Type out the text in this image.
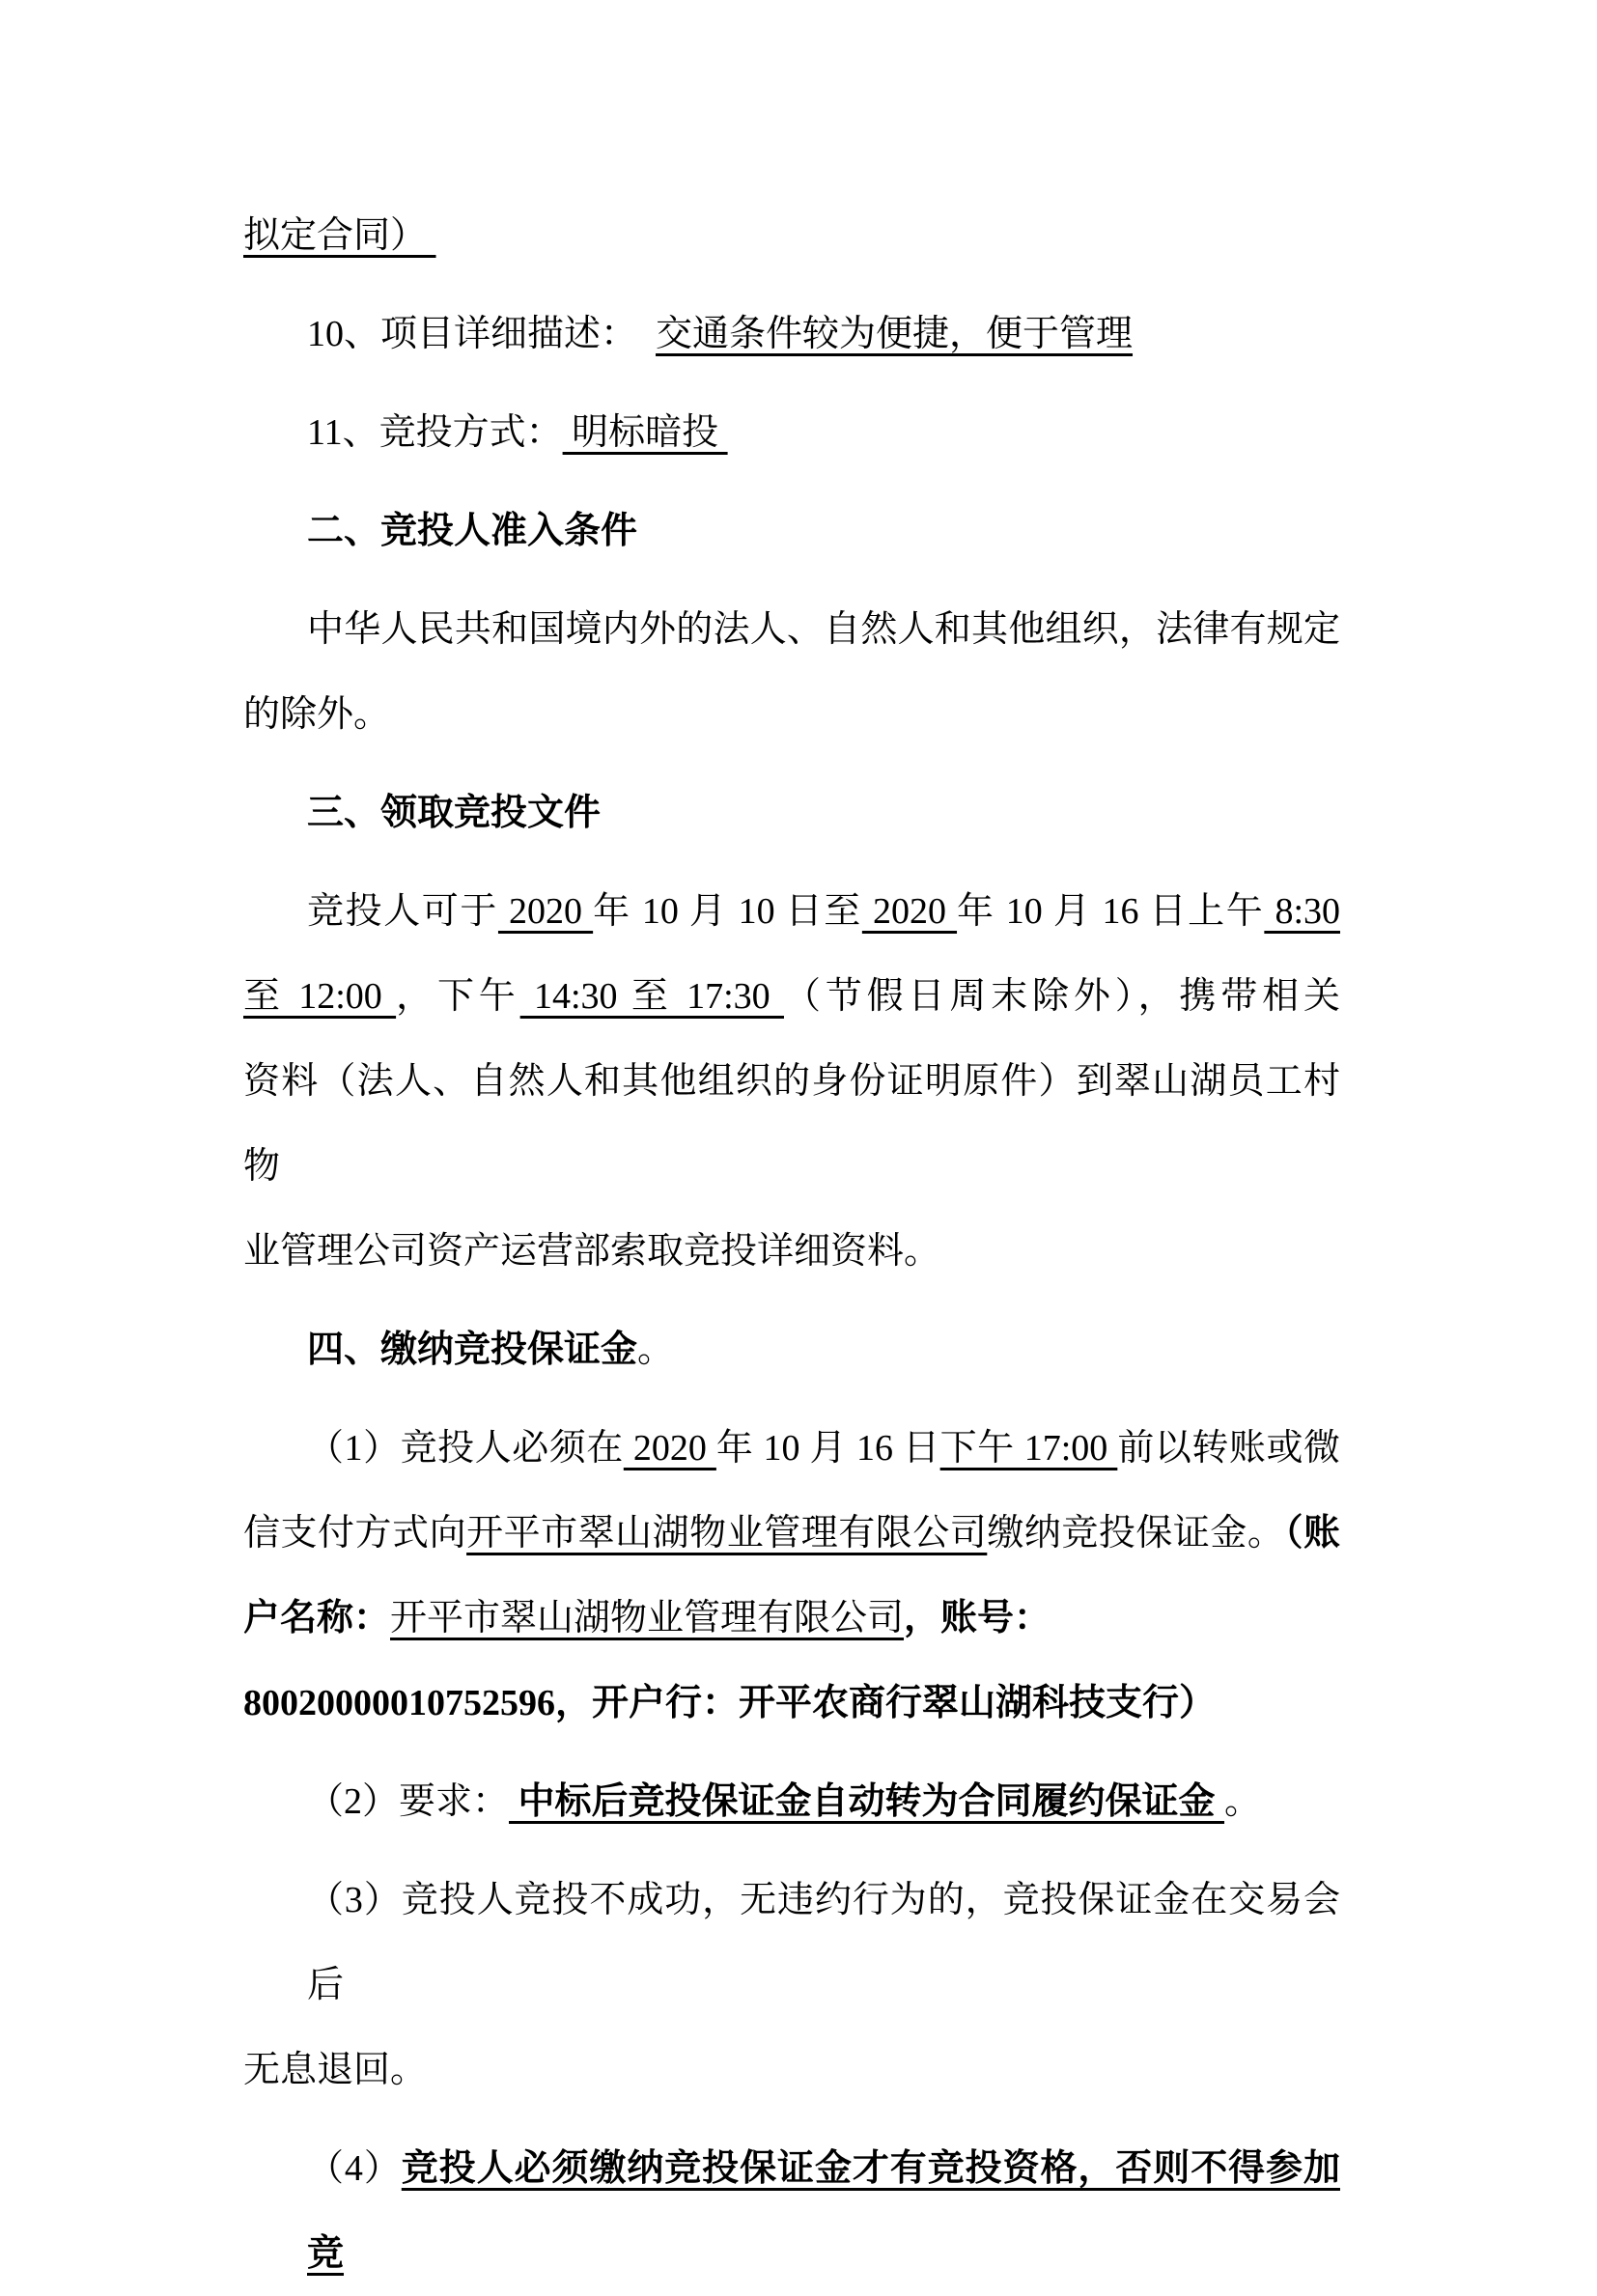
拟定合同）
10、项目详细描述：  交通条件较为便捷，便于管理
11、竞投方式： 明标暗投
二、竞投人准入条件
中华人民共和国境内外的法人、自然人和其他组织，法律有规定
的除外。
三、领取竞投文件
竞投人可于 2020 年 10 月 10 日至 2020 年 10 月 16 日上午 8:30
至 12:00 ，下午 14:30 至 17:30 （节假日周末除外），携带相关
资料（法人、自然人和其他组织的身份证明原件）到翠山湖员工村物
业管理公司资产运营部索取竞投详细资料。
四、缴纳竞投保证金。
（1）竞投人必须在 2020 年 10 月 16 日下午 17:00 前以转账或微
信支付方式向开平市翠山湖物业管理有限公司缴纳竞投保证金。（账
户名称：开平市翠山湖物业管理有限公司，账号：
80020000010752596，开户行：开平农商行翠山湖科技支行）
（2）要求： 中标后竞投保证金自动转为合同履约保证金 。
（3）竞投人竞投不成功，无违约行为的，竞投保证金在交易会后
无息退回。
（4）竞投人必须缴纳竞投保证金才有竞投资格，否则不得参加竞
